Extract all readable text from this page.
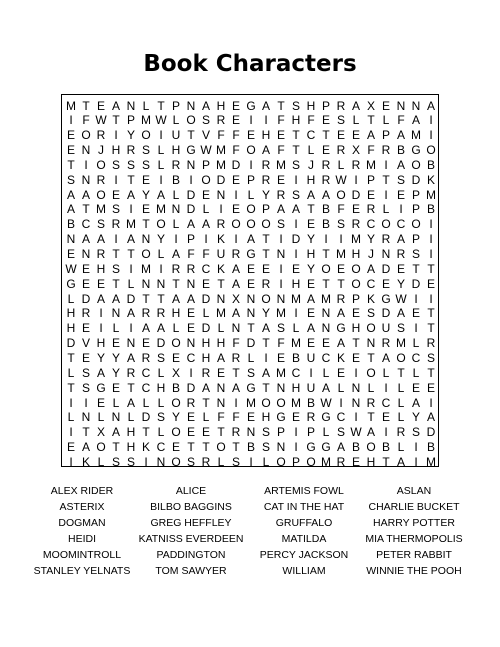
Book Characters
M T E A N L T P N A H E G A T S H P R A X E N N A
I F W T P M W L O S R E I I F H F E S L T L F A I
E O R I Y O I U T V F F E H E T C T E E A P A M I
E N J H R S L H G W M F O A F T L E R X F R B G O
T I O S S S L R N P M D I R M S J R L R M I A O B
S N R I T E I B I O D E P R E I H R W I P T S D K
A A O E A Y A L D E N I L Y R S A A O D E I E P M
A T M S I E M N D L I E O P A A T B F E R L I P B
B C S R M T O L A A R O O O S I E B S R C O C O I
N A A I A N Y I P I K I A T I D Y I I M Y R A P I
E N R T T O L A F F U R G T N I H T M H J N R S I
W E H S I M I R R C K A E E I E Y O E O A D E T T
G E E T L N N T N E T A E R I H E T T O C E Y D E
L D A A D T T A A D N X N O N M A M R P K G W I I
H R I N A R R H E L M A N Y M I E N A E S D A E T
H E I L I A A L E D L N T A S L A N G H O U S I T
D V H E N E D O N H H F D T F M E E A T N R M L R
T E Y Y A R S E C H A R L I E B U C K E T A O C S
L S A Y R C L X I R E T S A M C I L E I O L T L T
T S G E T C H B D A N A G T N H U A L N L I L E E
I I E L A L L O R T N I M O O M B W I N R C L A I
L N L N L D S Y E L F F E H G E R G C I T E L Y A
I T X A H T L O E E T R N S P I P L S W A I R S D
E A O T H K C E T T O T B S N I G G A B O B L I B
I K L S S I N O S R L S I L O P O M R E H T A I M
ALEX RIDER	ALICE	ARTEMIS FOWL	ASLAN
ASTERIX	BILBO BAGGINS	CAT IN THE HAT	CHARLIE BUCKET
DOGMAN	GREG HEFFLEY	GRUFFALO	HARRY POTTER
HEIDI	KATNISS EVERDEEN	MATILDA	MIA THERMOPOLIS
MOOMINTROLL	PADDINGTON	PERCY JACKSON	PETER RABBIT
STANLEY YELNATS	TOM SAWYER	WILLIAM	WINNIE THE POOH
